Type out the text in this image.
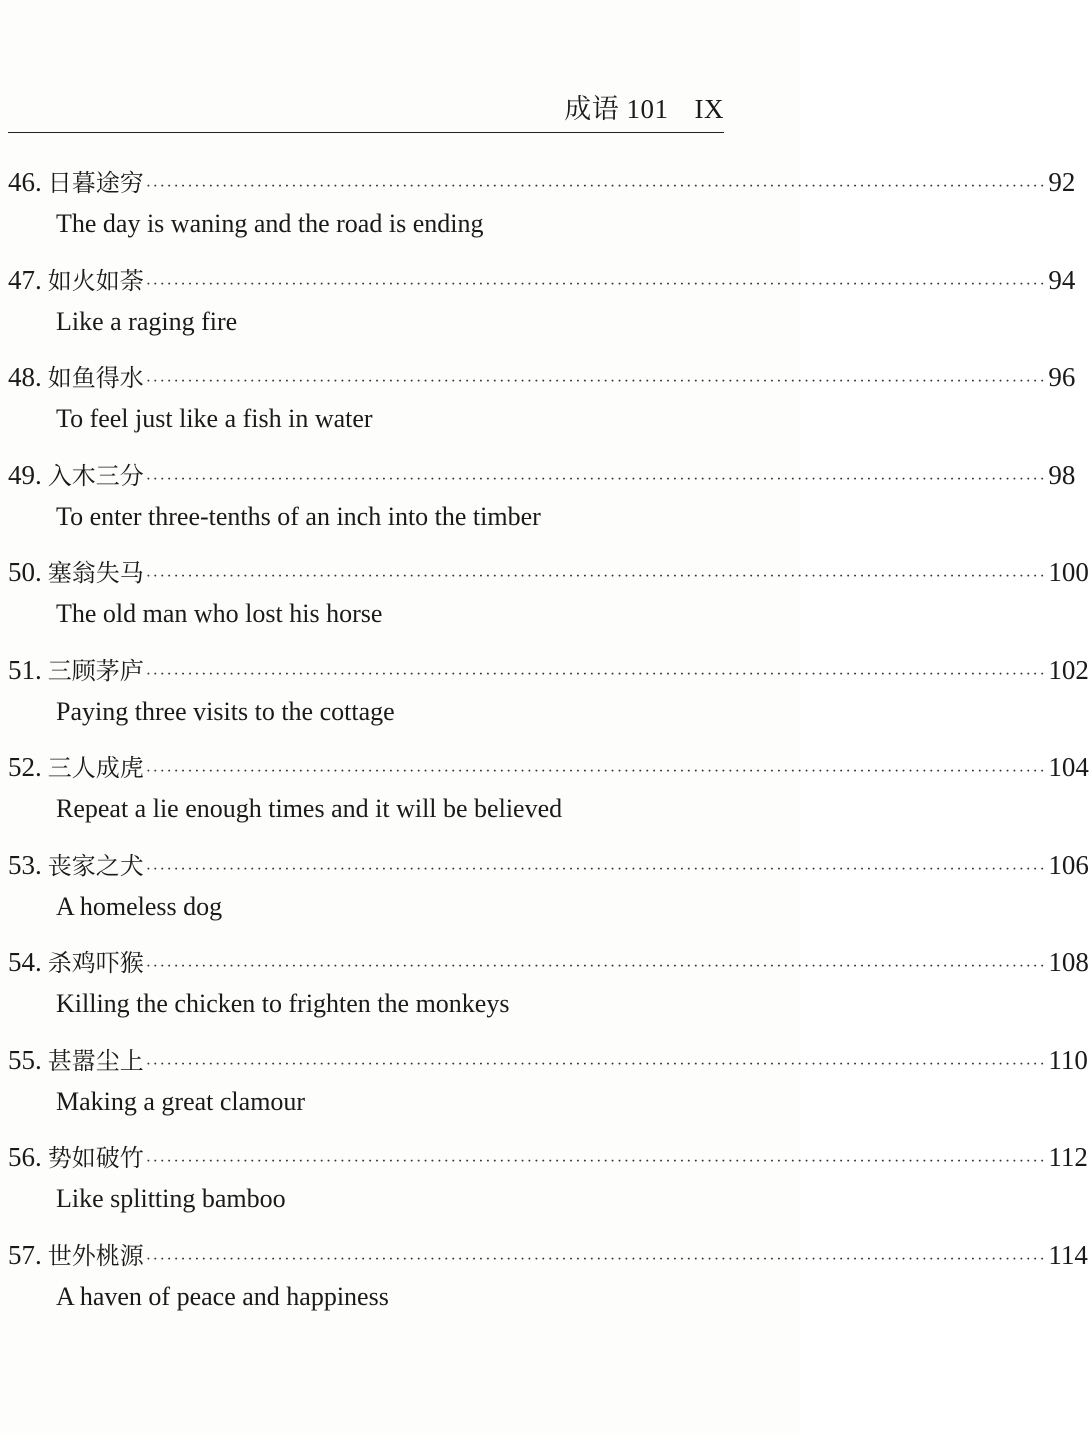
成语 101 IX
46. 日暮途穷 ·································································································································· 92
The day is waning and the road is ending
47. 如火如荼 ·································································································································· 94
Like a raging fire
48. 如鱼得水 ·································································································································· 96
To feel just like a fish in water
49. 入木三分 ·································································································································· 98
To enter three-tenths of an inch into the timber
50. 塞翁失马 ·································································································································· 100
The old man who lost his horse
51. 三顾茅庐 ·································································································································· 102
Paying three visits to the cottage
52. 三人成虎 ·································································································································· 104
Repeat a lie enough times and it will be believed
53. 丧家之犬 ·································································································································· 106
A homeless dog
54. 杀鸡吓猴 ·································································································································· 108
Killing the chicken to frighten the monkeys
55. 甚嚣尘上 ·································································································································· 110
Making a great clamour
56. 势如破竹 ·································································································································· 112
Like splitting bamboo
57. 世外桃源 ·································································································································· 114
A haven of peace and happiness
